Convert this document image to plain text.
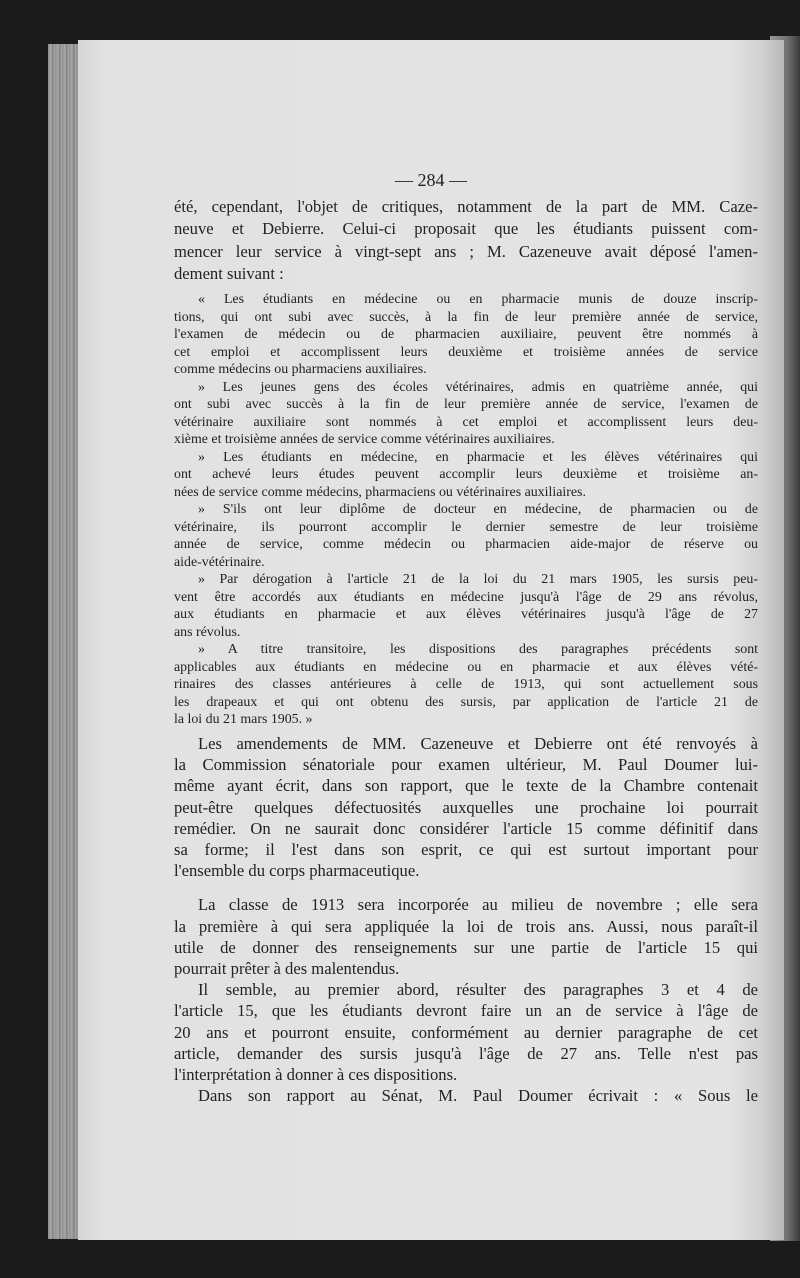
— 284 —
été, cependant, l'objet de critiques, notamment de la part de MM. Caze-
neuve et Debierre. Celui-ci proposait que les étudiants puissent com-
mencer leur service à vingt-sept ans ; M. Cazeneuve avait déposé l'amen-
dement suivant :
« Les étudiants en médecine ou en pharmacie munis de douze inscrip-
tions, qui ont subi avec succès, à la fin de leur première année de service,
l'examen de médecin ou de pharmacien auxiliaire, peuvent être nommés à
cet emploi et accomplissent leurs deuxième et troisième années de service
comme médecins ou pharmaciens auxiliaires.
» Les jeunes gens des écoles vétérinaires, admis en quatrième année, qui
ont subi avec succès à la fin de leur première année de service, l'examen de
vétérinaire auxiliaire sont nommés à cet emploi et accomplissent leurs deu-
xième et troisième années de service comme vétérinaires auxiliaires.
» Les étudiants en médecine, en pharmacie et les élèves vétérinaires qui
ont achevé leurs études peuvent accomplir leurs deuxième et troisième an-
nées de service comme médecins, pharmaciens ou vétérinaires auxiliaires.
» S'ils ont leur diplôme de docteur en médecine, de pharmacien ou de
vétérinaire, ils pourront accomplir le dernier semestre de leur troisième
année de service, comme médecin ou pharmacien aide-major de réserve ou
aide-vétérinaire.
» Par dérogation à l'article 21 de la loi du 21 mars 1905, les sursis peu-
vent être accordés aux étudiants en médecine jusqu'à l'âge de 29 ans révolus,
aux étudiants en pharmacie et aux élèves vétérinaires jusqu'à l'âge de 27
ans révolus.
» A titre transitoire, les dispositions des paragraphes précédents sont
applicables aux étudiants en médecine ou en pharmacie et aux élèves vété-
rinaires des classes antérieures à celle de 1913, qui sont actuellement sous
les drapeaux et qui ont obtenu des sursis, par application de l'article 21 de
la loi du 21 mars 1905. »
Les amendements de MM. Cazeneuve et Debierre ont été renvoyés à
la Commission sénatoriale pour examen ultérieur, M. Paul Doumer lui-
même ayant écrit, dans son rapport, que le texte de la Chambre contenait
peut-être quelques défectuosités auxquelles une prochaine loi pourrait
remédier. On ne saurait donc considérer l'article 15 comme définitif dans
sa forme; il l'est dans son esprit, ce qui est surtout important pour
l'ensemble du corps pharmaceutique.
La classe de 1913 sera incorporée au milieu de novembre ; elle sera
la première à qui sera appliquée la loi de trois ans. Aussi, nous paraît-il
utile de donner des renseignements sur une partie de l'article 15 qui
pourrait prêter à des malentendus.
Il semble, au premier abord, résulter des paragraphes 3 et 4 de
l'article 15, que les étudiants devront faire un an de service à l'âge de
20 ans et pourront ensuite, conformément au dernier paragraphe de cet
article, demander des sursis jusqu'à l'âge de 27 ans. Telle n'est pas
l'interprétation à donner à ces dispositions.
Dans son rapport au Sénat, M. Paul Doumer écrivait : « Sous le
